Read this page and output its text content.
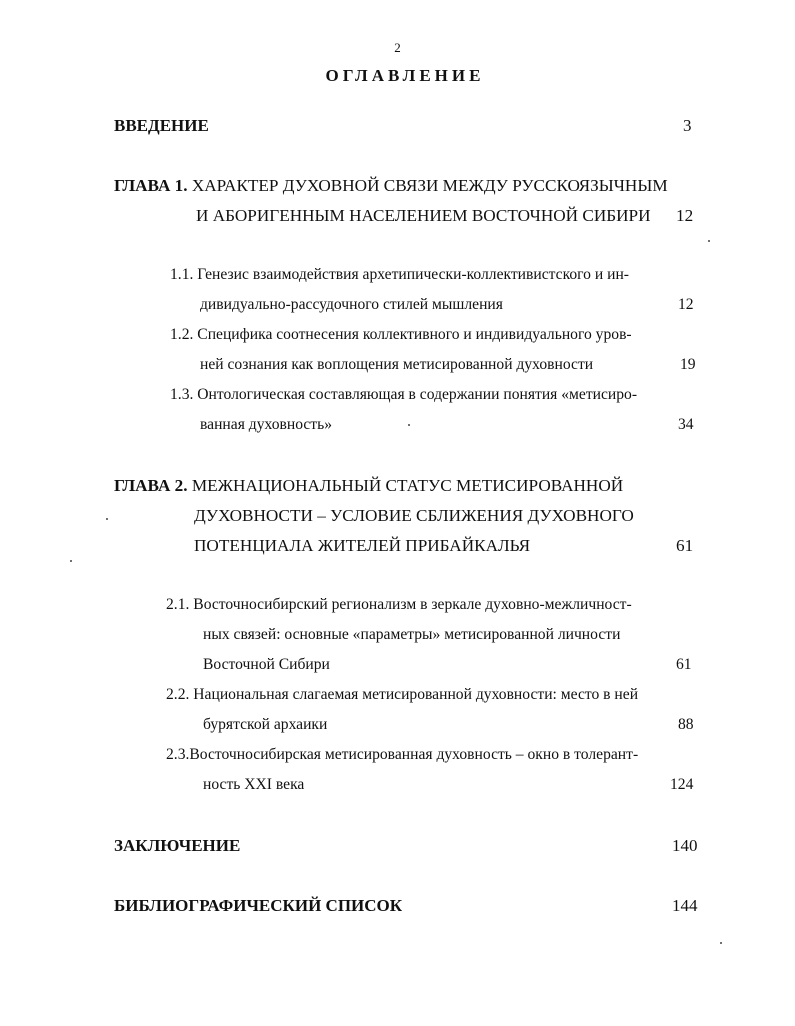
2
ОГЛАВЛЕНИЕ
ВВЕДЕНИЕ	3
ГЛАВА 1. ХАРАКТЕР ДУХОВНОЙ СВЯЗИ МЕЖДУ РУССКОЯЗЫЧНЫМ
И АБОРИГЕННЫМ НАСЕЛЕНИЕМ ВОСТОЧНОЙ СИБИРИ 12
1.1. Генезис взаимодействия архетипически-коллективистского и ин-
дивидуально-рассудочного стилей мышления	12
1.2. Специфика соотнесения коллективного и индивидуального уров-
ней сознания как воплощения метисированной духовности	19
1.3. Онтологическая составляющая в содержании понятия «метисиро-
ванная духовность»	34
ГЛАВА 2. МЕЖНАЦИОНАЛЬНЫЙ СТАТУС МЕТИСИРОВАННОЙ
ДУХОВНОСТИ – УСЛОВИЕ СБЛИЖЕНИЯ ДУХОВНОГО
ПОТЕНЦИАЛА ЖИТЕЛЕЙ ПРИБАЙКАЛЬЯ	61
2.1. Восточносибирский регионализм в зеркале духовно-межличност-
ных связей: основные «параметры» метисированной личности
Восточной Сибири	61
2.2. Национальная слагаемая метисированной духовности: место в ней
бурятской архаики	88
2.3.Восточносибирская метисированная духовность – окно в толерант-
ность XXI века	124
ЗАКЛЮЧЕНИЕ	140
БИБЛИОГРАФИЧЕСКИЙ СПИСОК	144
